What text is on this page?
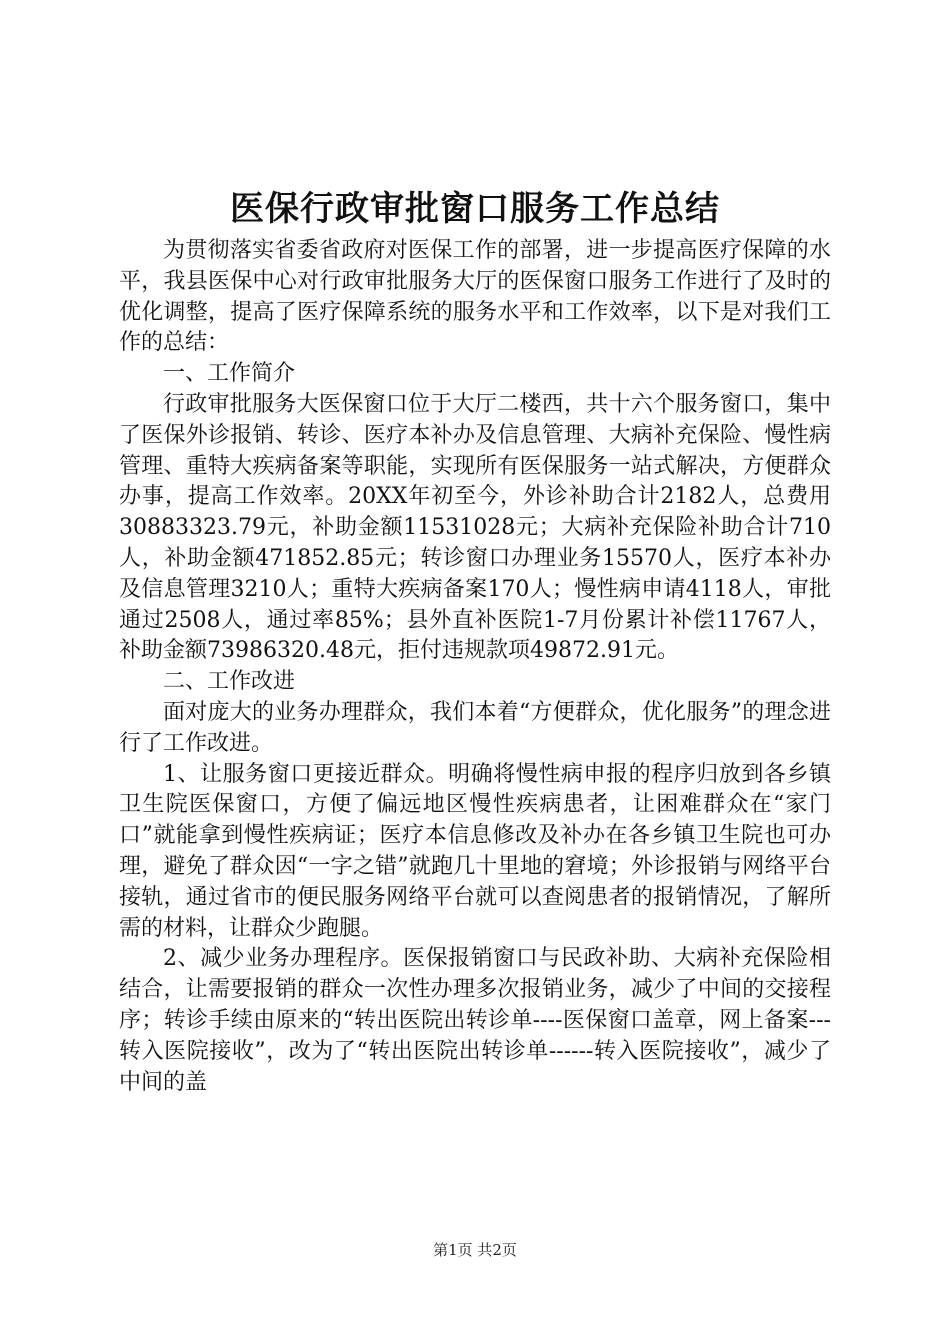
医保行政审批窗口服务工作总结

为贯彻落实省委省政府对医保工作的部署，进一步提高医疗保障的水平，我县医保中心对行政审批服务大厅的医保窗口服务工作进行了及时的优化调整，提高了医疗保障系统的服务水平和工作效率，以下是对我们工作的总结：

一、工作简介

行政审批服务大医保窗口位于大厅二楼西，共十六个服务窗口，集中了医保外诊报销、转诊、医疗本补办及信息管理、大病补充保险、慢性病管理、重特大疾病备案等职能，实现所有医保服务一站式解决，方便群众办事，提高工作效率。20XX年初至今，外诊补助合计2182人，总费用30883323.79元，补助金额11531028元；大病补充保险补助合计710人，补助金额471852.85元；转诊窗口办理业务15570人，医疗本补办及信息管理3210人；重特大疾病备案170人；慢性病申请4118人，审批通过2508人，通过率85%；县外直补医院1-7月份累计补偿11767人，补助金额73986320.48元，拒付违规款项49872.91元。

二、工作改进

面对庞大的业务办理群众，我们本着“方便群众，优化服务”的理念进行了工作改进。

1、让服务窗口更接近群众。明确将慢性病申报的程序归放到各乡镇卫生院医保窗口，方便了偏远地区慢性疾病患者，让困难群众在“家门口”就能拿到慢性疾病证；医疗本信息修改及补办在各乡镇卫生院也可办理，避免了群众因“一字之错”就跑几十里地的窘境；外诊报销与网络平台接轨，通过省市的便民服务网络平台就可以查阅患者的报销情况，了解所需的材料，让群众少跑腿。

2、减少业务办理程序。医保报销窗口与民政补助、大病补充保险相结合，让需要报销的群众一次性办理多次报销业务，减少了中间的交接程序；转诊手续由原来的“转出医院出转诊单----医保窗口盖章，网上备案---转入医院接收”，改为了“转出医院出转诊单------转入医院接收”，减少了中间的盖

第1页 共2页
